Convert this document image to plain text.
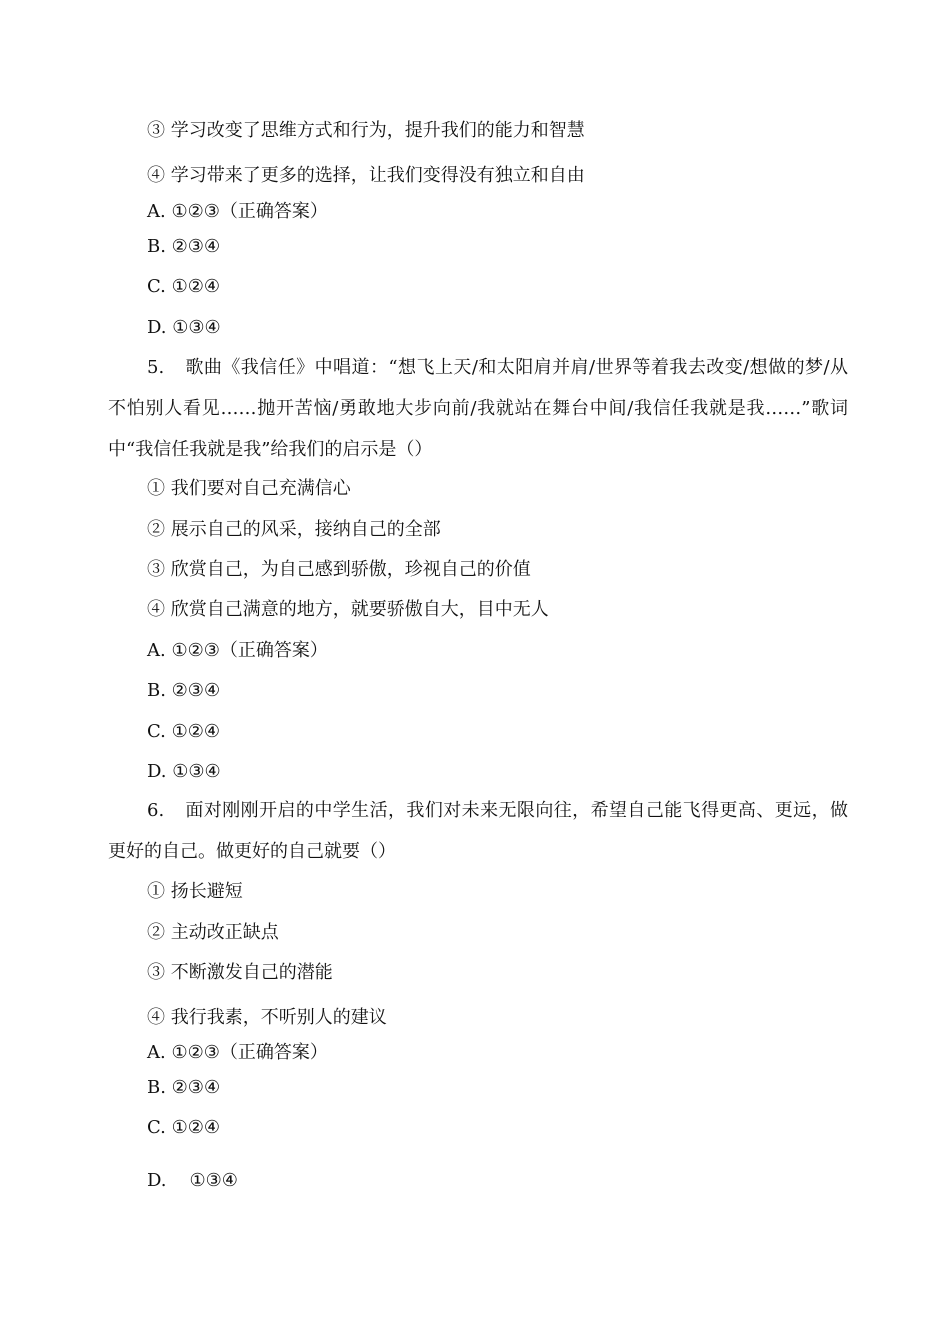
③ 学习改变了思维方式和行为，提升我们的能力和智慧
④ 学习带来了更多的选择，让我们变得没有独立和自由
A. ①②③（正确答案）
B. ②③④
C. ①②④
D. ①③④
5. 歌曲《我信任》中唱道：“想飞上天/和太阳肩并肩/世界等着我去改变/想做的梦/从不怕别人看见……抛开苦恼/勇敢地大步向前/我就站在舞台中间/我信任我就是我……”歌词中“我信任我就是我”给我们的启示是（）
① 我们要对自己充满信心
② 展示自己的风采，接纳自己的全部
③ 欣赏自己，为自己感到骄傲，珍视自己的价值
④ 欣赏自己满意的地方，就要骄傲自大，目中无人
A. ①②③（正确答案）
B. ②③④
C. ①②④
D. ①③④
6. 面对刚刚开启的中学生活，我们对未来无限向往，希望自己能飞得更高、更远，做更好的自己。做更好的自己就要（）
① 扬长避短
② 主动改正缺点
③ 不断激发自己的潜能
④ 我行我素，不听别人的建议
A. ①②③（正确答案）
B. ②③④
C. ①②④
D. ①③④
